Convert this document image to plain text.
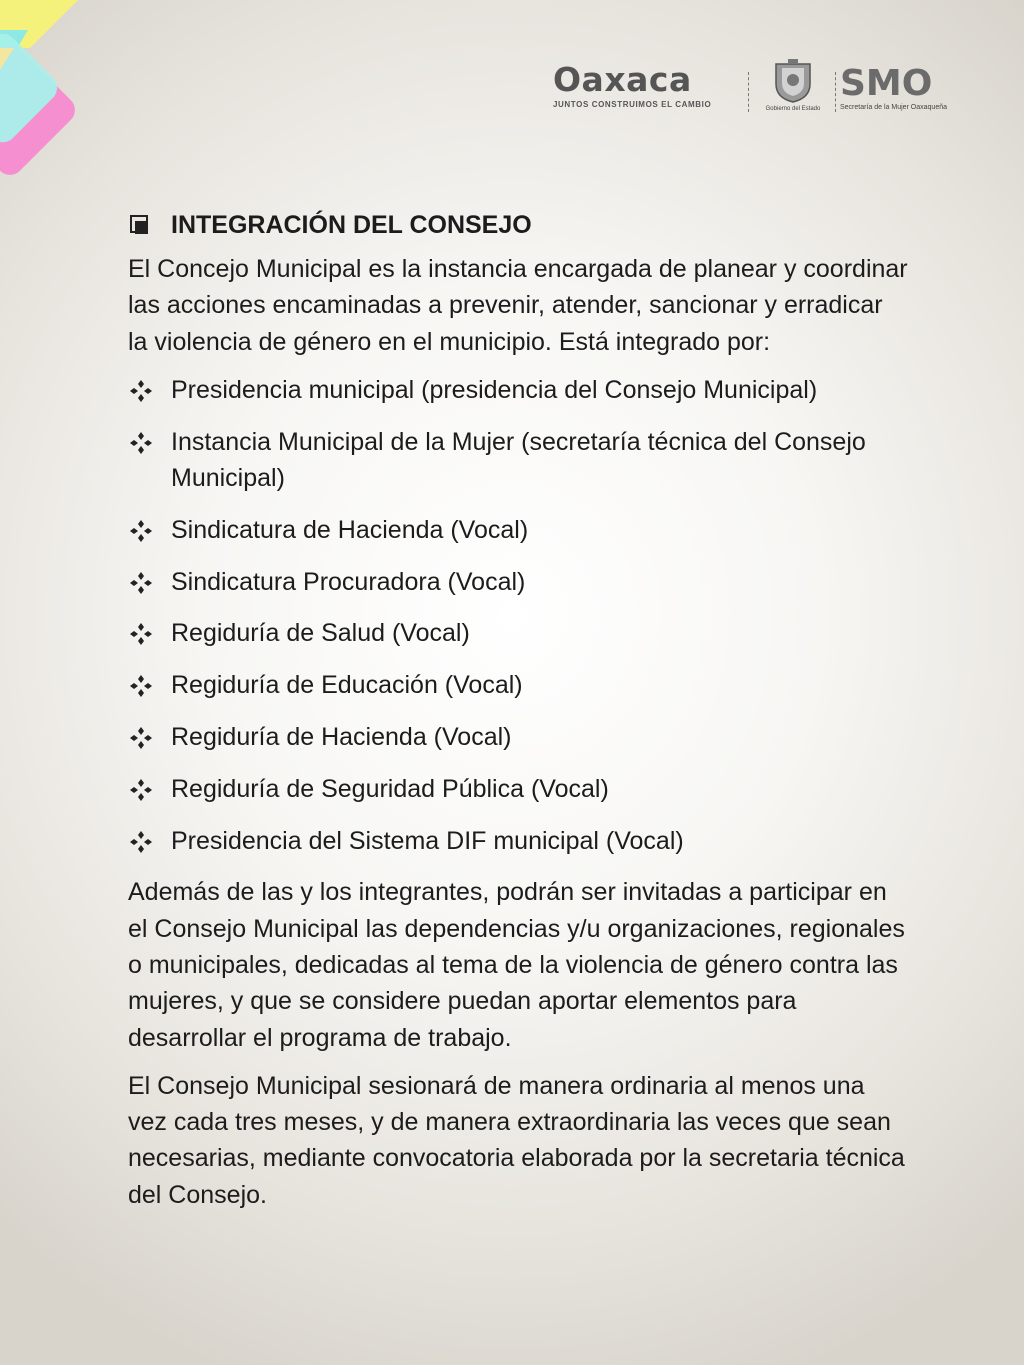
Oaxaca
JUNTOS CONSTRUIMOS EL CAMBIO	Gobierno del Estado
SMO
Secretaría de la Mujer Oaxaqueña
INTEGRACIÓN DEL CONSEJO

El Concejo Municipal es la instancia encargada de planear y coordinar las acciones encaminadas a prevenir, atender, sancionar y erradicar la violencia de género en el municipio. Está integrado por:

Presidencia municipal (presidencia del Consejo Municipal)
Instancia Municipal de la Mujer (secretaría técnica del Consejo Municipal)
Sindicatura de Hacienda (Vocal)
Sindicatura Procuradora (Vocal)
Regiduría de Salud (Vocal)
Regiduría de Educación (Vocal)
Regiduría de Hacienda (Vocal)
Regiduría de Seguridad Pública (Vocal)
Presidencia del Sistema DIF municipal (Vocal)

Además de las y los integrantes, podrán ser invitadas a participar en el Consejo Municipal las dependencias y/u organizaciones, regionales o municipales, dedicadas al tema de la violencia de género contra las mujeres, y que se considere puedan aportar elementos para desarrollar el programa de trabajo.

El Consejo Municipal sesionará de manera ordinaria al menos una vez cada tres meses, y de manera extraordinaria las veces que sean necesarias, mediante convocatoria elaborada por la secretaria técnica del Consejo.
